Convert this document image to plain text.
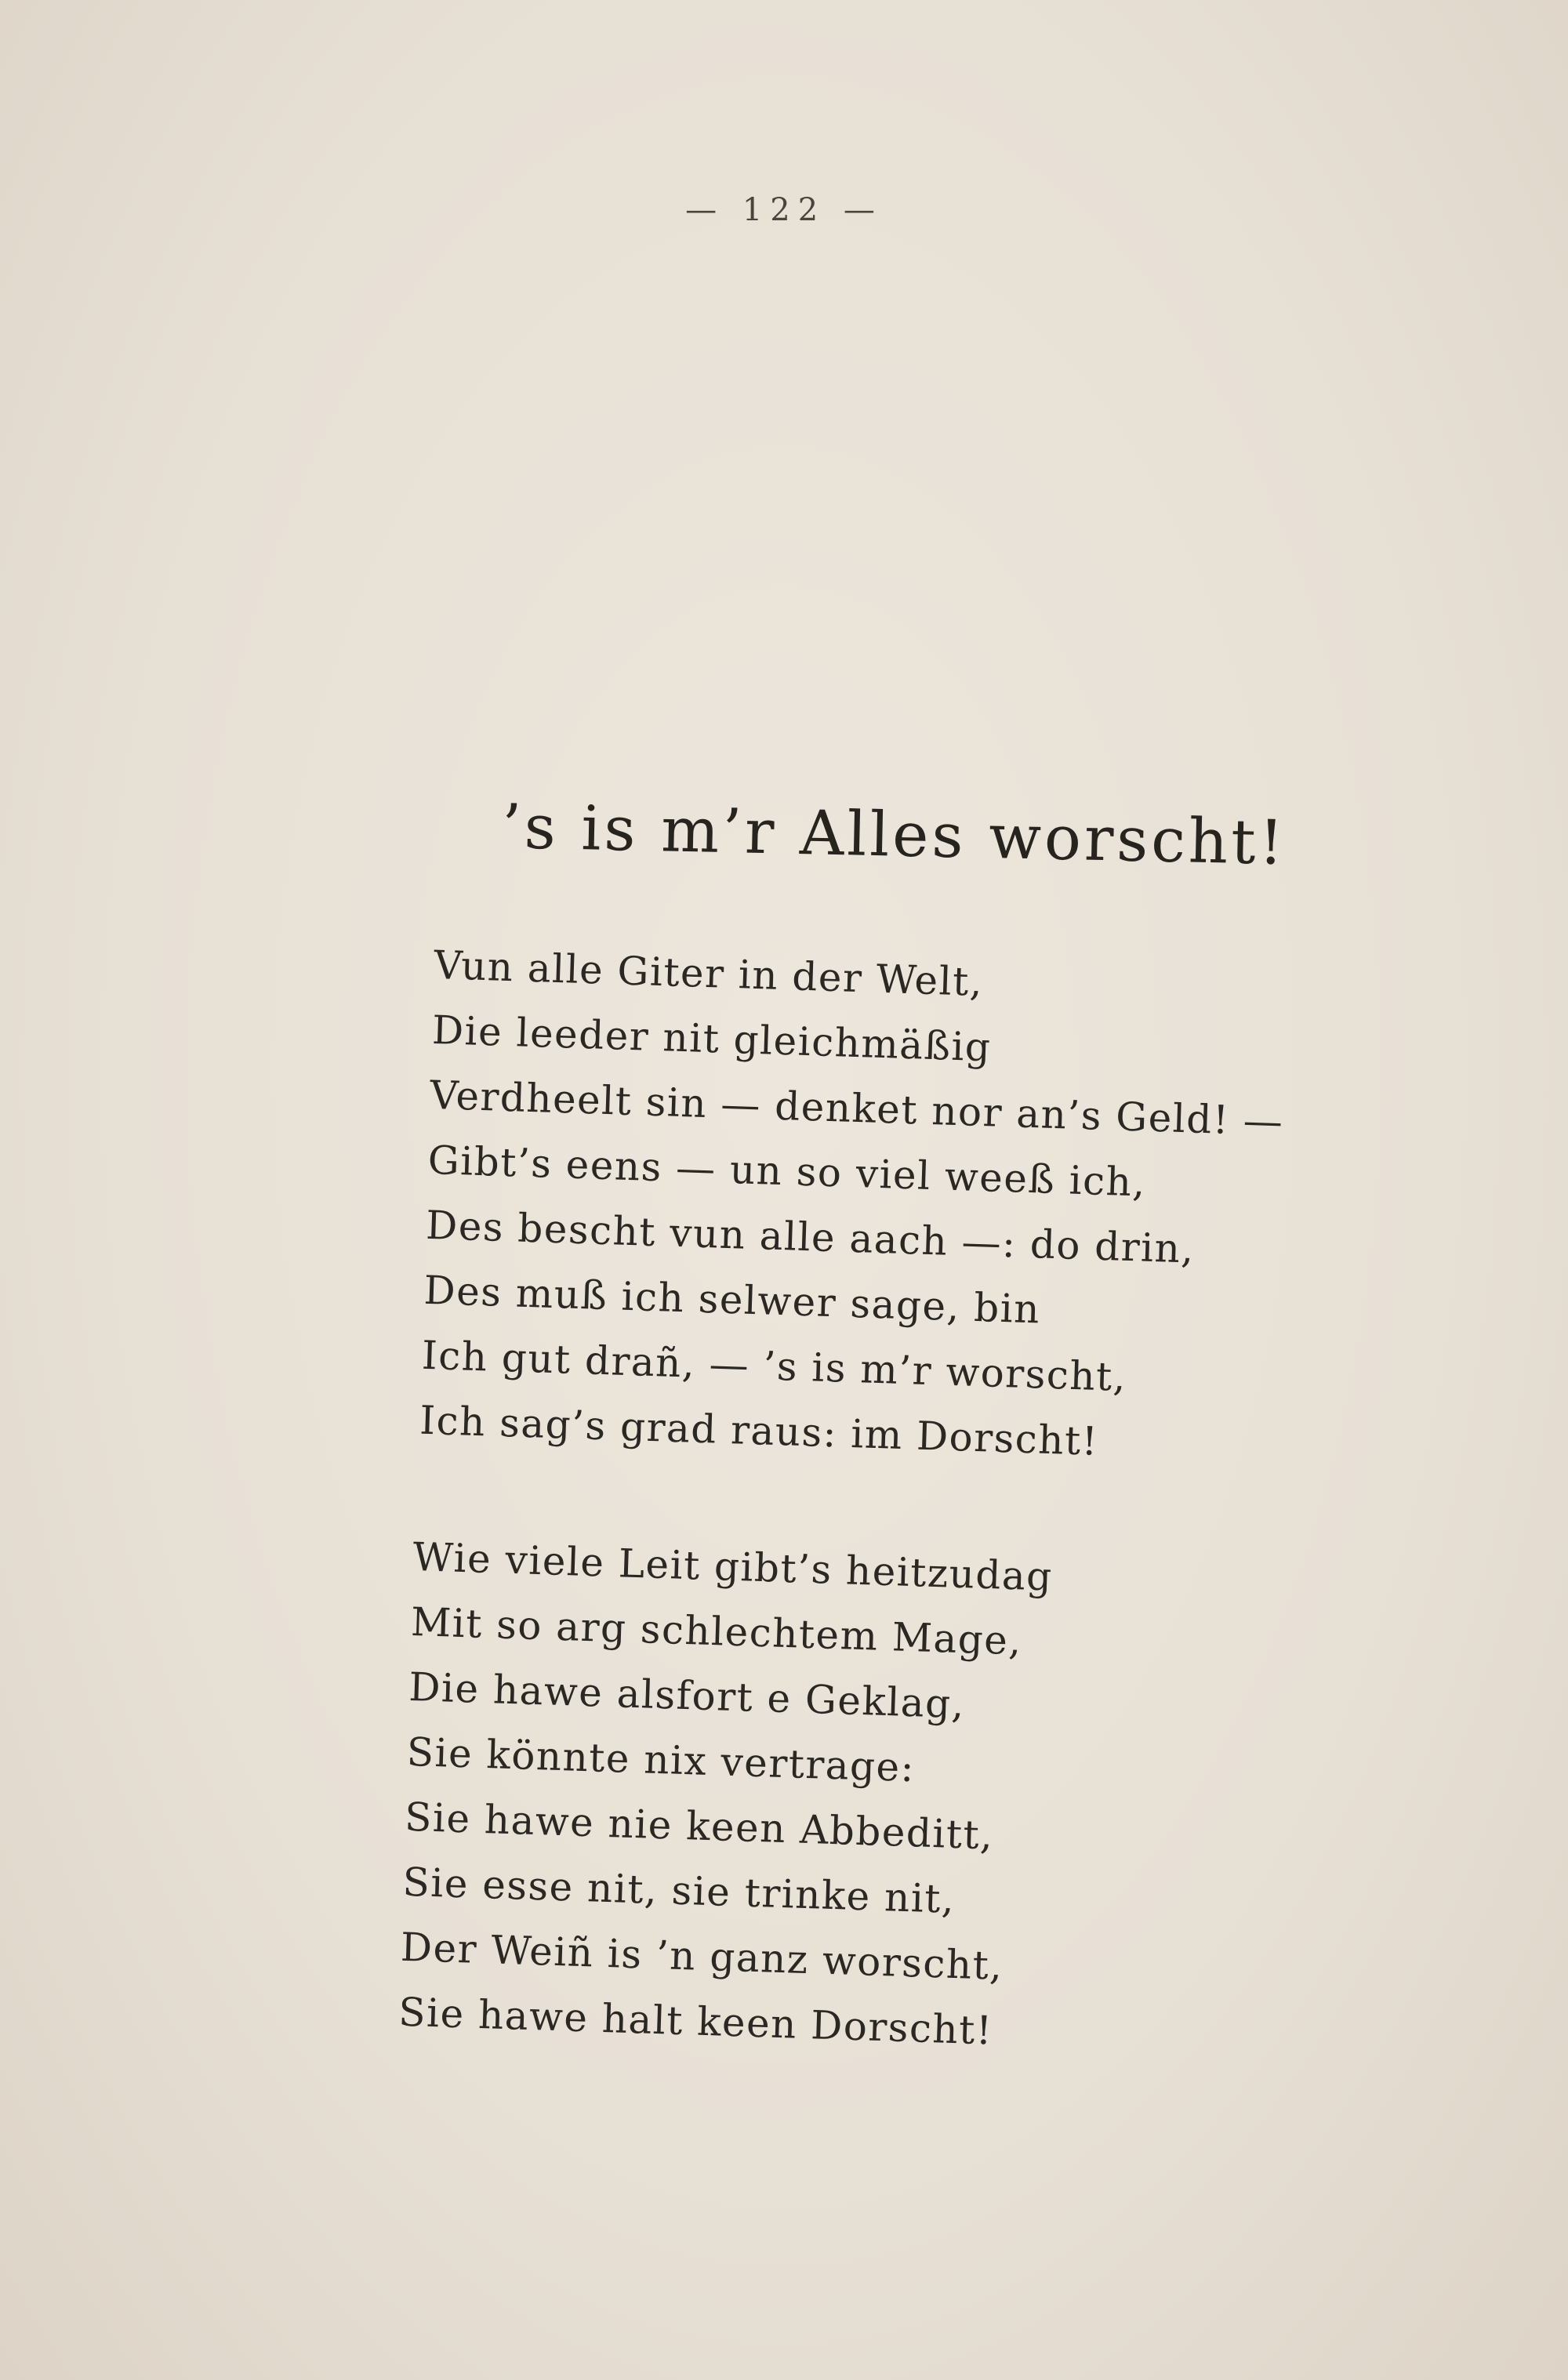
— 122 —
’s is m’r Alles worscht!
Vun alle Giter in der Welt,
Die leeder nit gleichmäßig
Verdheelt sin — denket nor an’s Geld! —
Gibt’s eens — un so viel weeß ich,
Des bescht vun alle aach —: do drin,
Des muß ich selwer sage, bin
Ich gut drañ, — ’s is m’r worscht,
Ich sag’s grad raus: im Dorscht!
Wie viele Leit gibt’s heitzudag
Mit so arg schlechtem Mage,
Die hawe alsfort e Geklag,
Sie könnte nix vertrage:
Sie hawe nie keen Abbeditt,
Sie esse nit, sie trinke nit,
Der Weiñ is ’n ganz worscht,
Sie hawe halt keen Dorscht!
